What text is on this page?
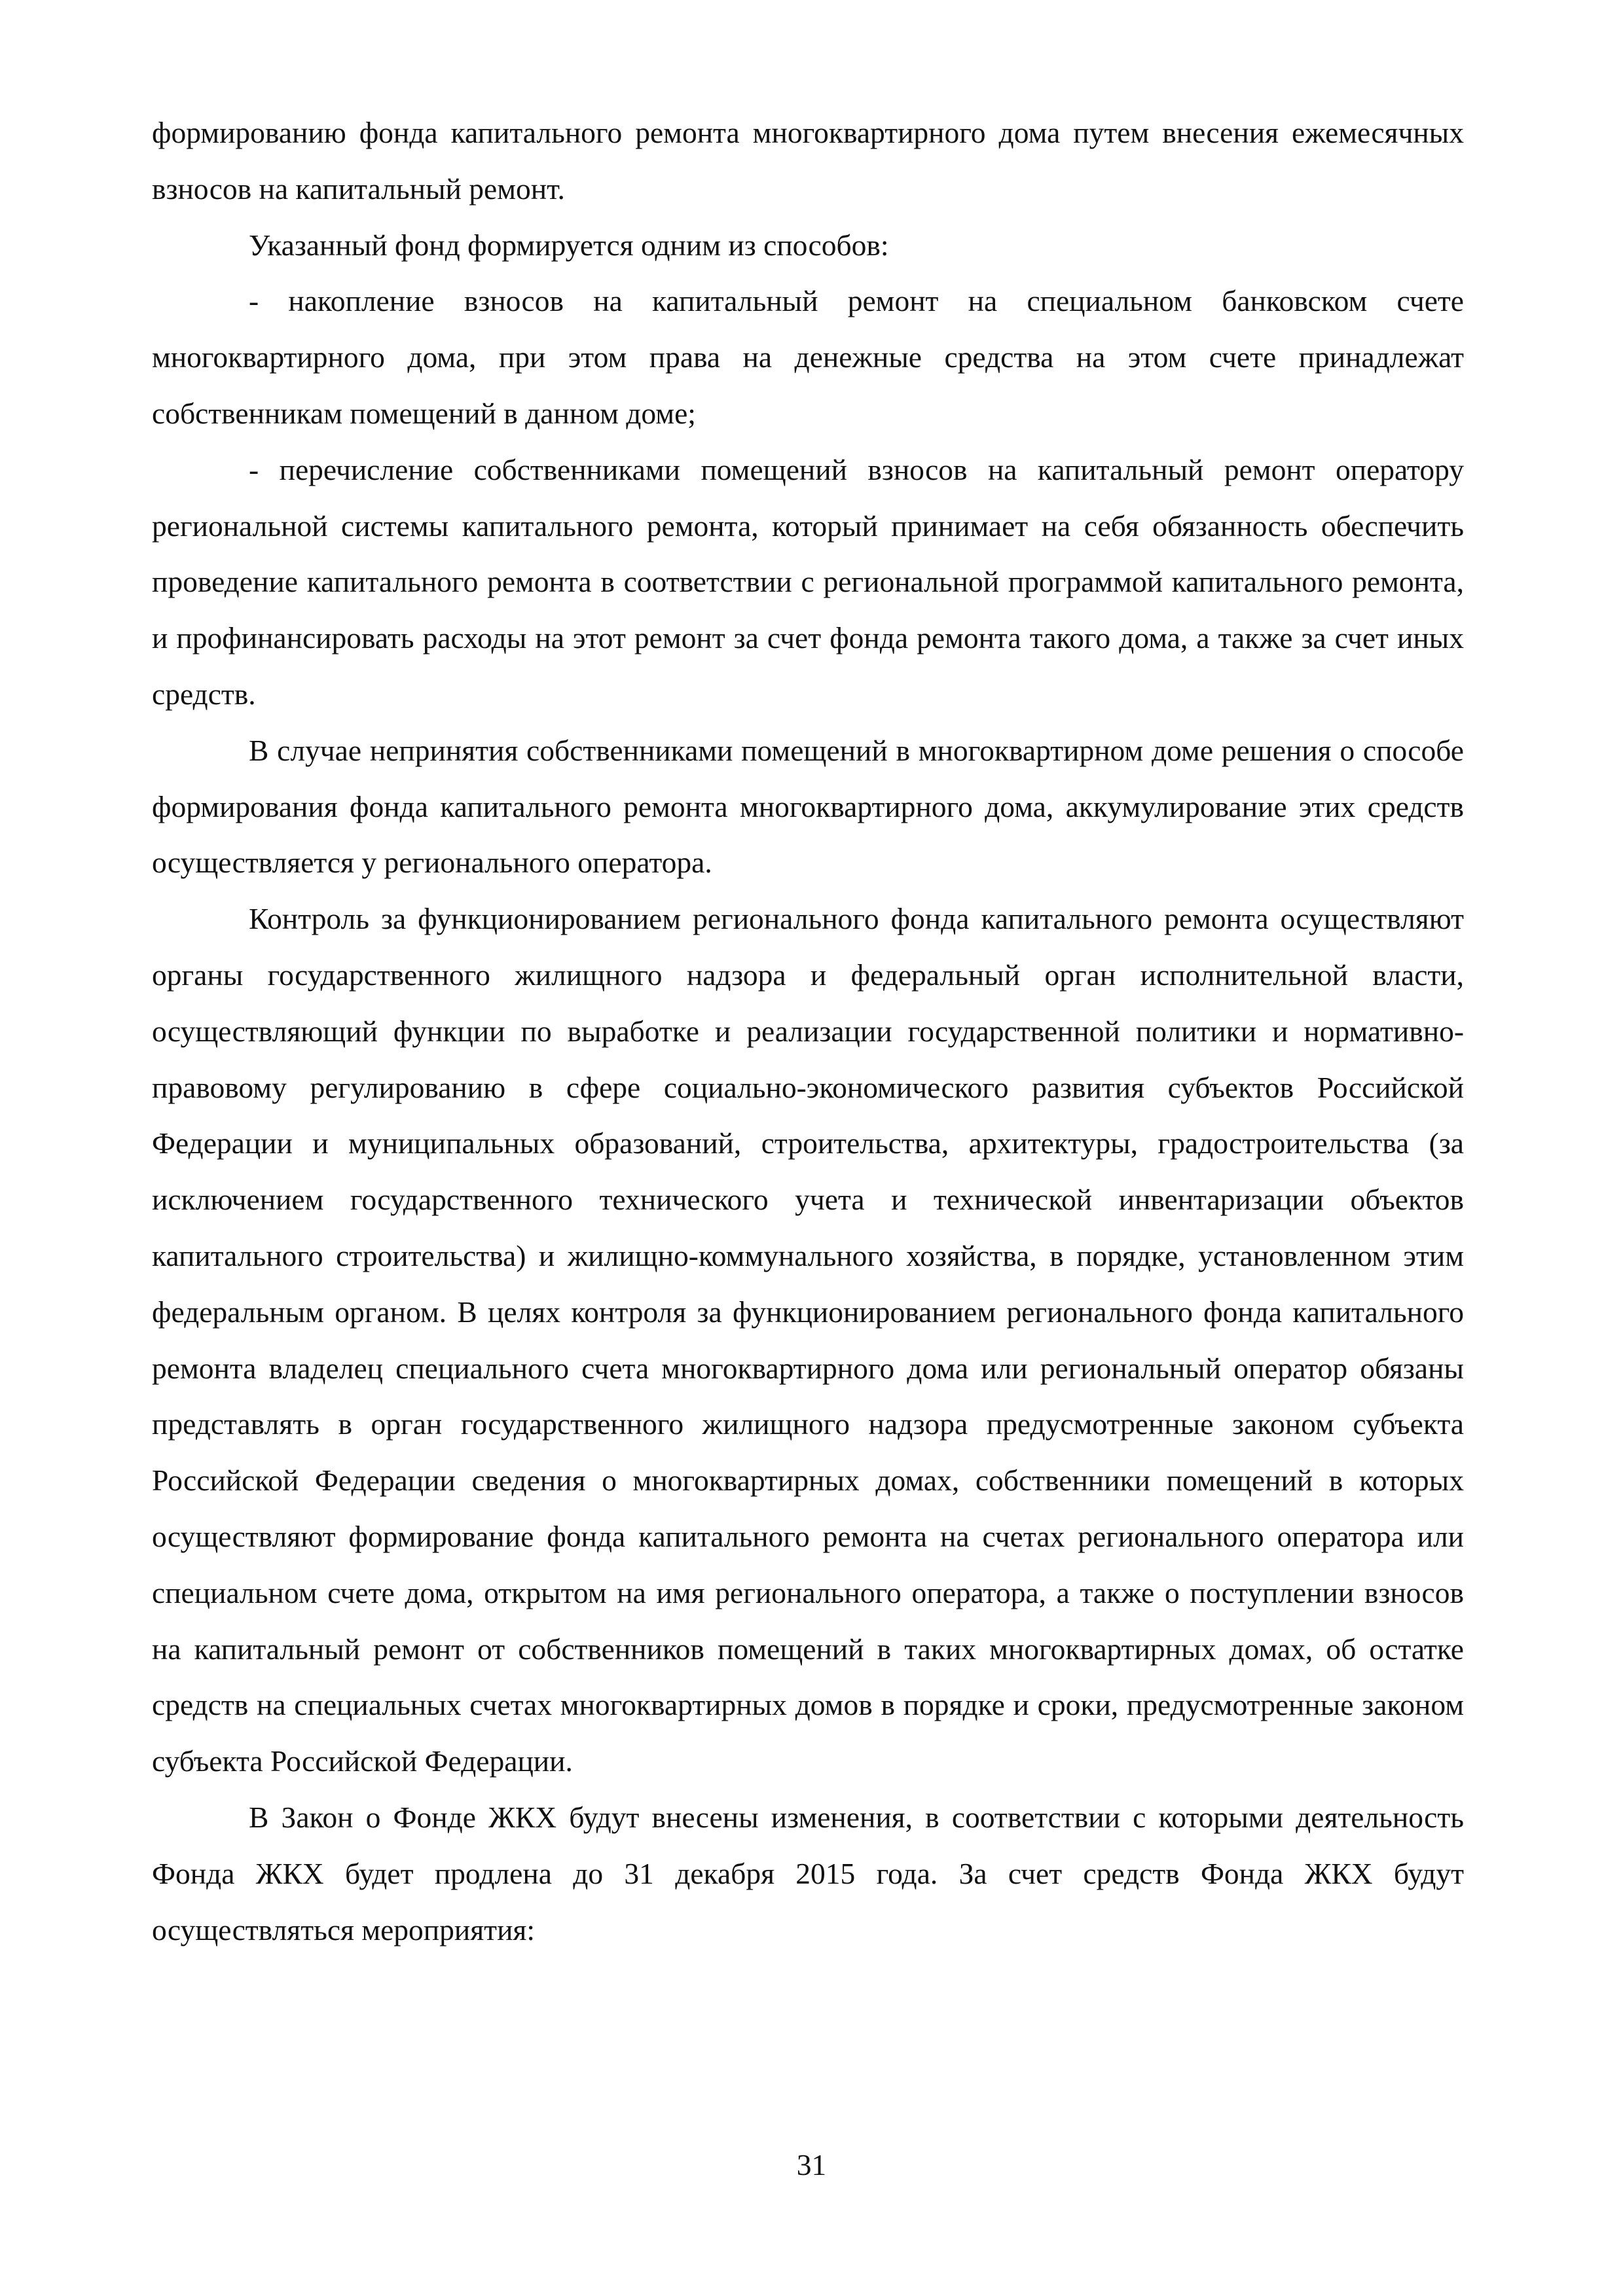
формированию фонда капитального ремонта многоквартирного дома путем внесения ежемесячных взносов на капитальный ремонт.

Указанный фонд формируется одним из способов:

- накопление взносов на капитальный ремонт на специальном банковском счете многоквартирного дома, при этом права на денежные средства на этом счете принадлежат собственникам помещений в данном доме;

- перечисление собственниками помещений взносов на капитальный ремонт оператору региональной системы капитального ремонта, который принимает на себя обязанность обеспечить проведение капитального ремонта в соответствии с региональной программой капитального ремонта, и профинансировать расходы на этот ремонт за счет фонда ремонта такого дома, а также за счет иных средств.

В случае непринятия собственниками помещений в многоквартирном доме решения о способе формирования фонда капитального ремонта многоквартирного дома, аккумулирование этих средств осуществляется у регионального оператора.

Контроль за функционированием регионального фонда капитального ремонта осуществляют органы государственного жилищного надзора и федеральный орган исполнительной власти, осуществляющий функции по выработке и реализации государственной политики и нормативно-правовому регулированию в сфере социально-экономического развития субъектов Российской Федерации и муниципальных образований, строительства, архитектуры, градостроительства (за исключением государственного технического учета и технической инвентаризации объектов капитального строительства) и жилищно-коммунального хозяйства, в порядке, установленном этим федеральным органом. В целях контроля за функционированием регионального фонда капитального ремонта владелец специального счета многоквартирного дома или региональный оператор обязаны представлять в орган государственного жилищного надзора предусмотренные законом субъекта Российской Федерации сведения о многоквартирных домах, собственники помещений в которых осуществляют формирование фонда капитального ремонта на счетах регионального оператора или специальном счете дома, открытом на имя регионального оператора, а также о поступлении взносов на капитальный ремонт от собственников помещений в таких многоквартирных домах, об остатке средств на специальных счетах многоквартирных домов в порядке и сроки, предусмотренные законом субъекта Российской Федерации.

В Закон о Фонде ЖКХ будут внесены изменения, в соответствии с которыми деятельность Фонда ЖКХ будет продлена до 31 декабря 2015 года. За счет средств Фонда ЖКХ будут осуществляться мероприятия:

31
